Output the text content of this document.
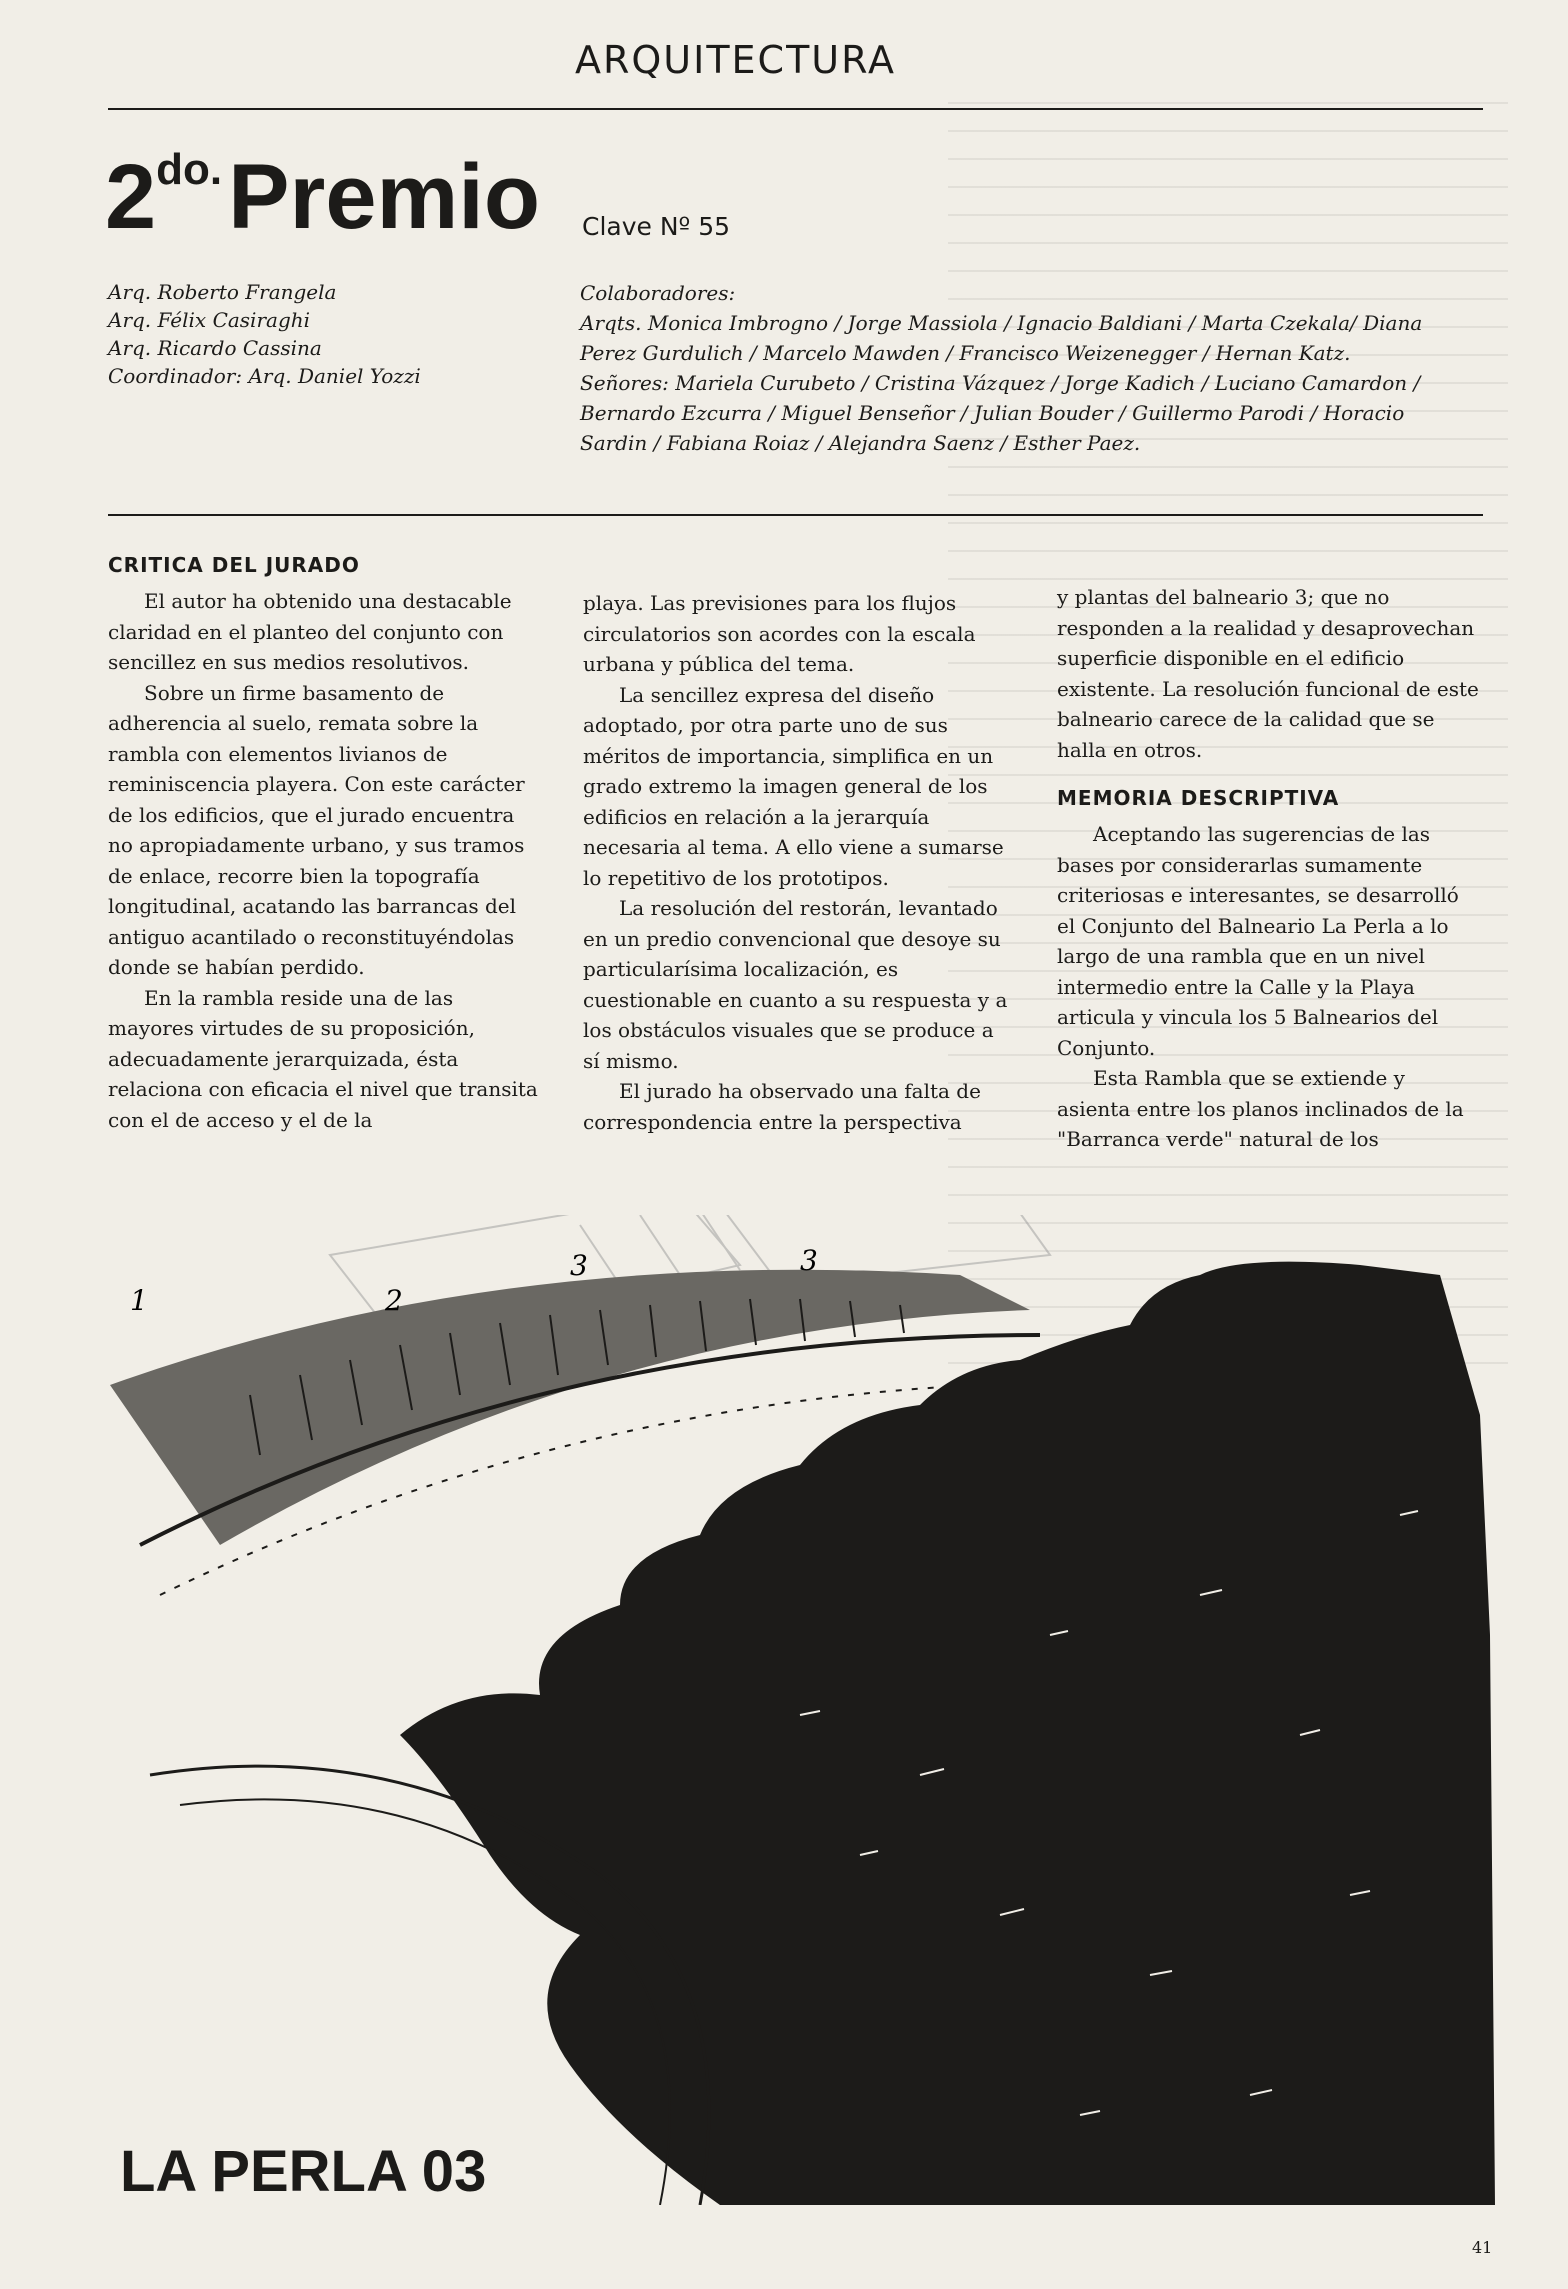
ARQUITECTURA
2do.Premio Clave Nº 55
Arq. Roberto Frangela
Arq. Félix Casiraghi
Arq. Ricardo Cassina
Coordinador: Arq. Daniel Yozzi

Colaboradores:

Arqts. Monica Imbrogno / Jorge Massiola / Ignacio Baldiani / Marta Czekala/ Diana Perez Gurdulich / Marcelo Mawden / Francisco Weizenegger / Hernan Katz.

Señores: Mariela Curubeto / Cristina Vázquez / Jorge Kadich / Luciano Camardon / Bernardo Ezcurra / Miguel Benseñor / Julian Bouder / Guillermo Parodi / Horacio Sardin / Fabiana Roiaz / Alejandra Saenz / Esther Paez.

CRITICA DEL JURADO

El autor ha obtenido una destacable claridad en el planteo del conjunto con sencillez en sus medios resolutivos.

Sobre un firme basamento de adherencia al suelo, remata sobre la rambla con elementos livianos de reminiscencia playera. Con este carácter de los edificios, que el jurado encuentra no apropiadamente urbano, y sus tramos de enlace, recorre bien la topografía longitudinal, acatando las barrancas del antiguo acantilado o reconstituyéndolas donde se habían perdido.

En la rambla reside una de las mayores virtudes de su proposición, adecuadamente jerarquizada, ésta relaciona con eficacia el nivel que transita con el de acceso y el de la

playa. Las previsiones para los flujos circulatorios son acordes con la escala urbana y pública del tema.

La sencillez expresa del diseño adoptado, por otra parte uno de sus méritos de importancia, simplifica en un grado extremo la imagen general de los edificios en relación a la jerarquía necesaria al tema. A ello viene a sumarse lo repetitivo de los prototipos.

La resolución del restorán, levantado en un predio convencional que desoye su particularísima localización, es cuestionable en cuanto a su respuesta y a los obstáculos visuales que se produce a sí mismo.

El jurado ha observado una falta de correspondencia entre la perspectiva

y plantas del balneario 3; que no responden a la realidad y desaprovechan superficie disponible en el edificio existente. La resolución funcional de este balneario carece de la calidad que se halla en otros.

MEMORIA DESCRIPTIVA

Aceptando las sugerencias de las bases por considerarlas sumamente criteriosas e interesantes, se desarrolló el Conjunto del Balneario La Perla a lo largo de una rambla que en un nivel intermedio entre la Calle y la Playa articula y vincula los 5 Balnearios del Conjunto.

Esta Rambla que se extiende y asienta entre los planos inclinados de la "Barranca verde" natural de los

1	2
3	3
LA PERLA 03
41
